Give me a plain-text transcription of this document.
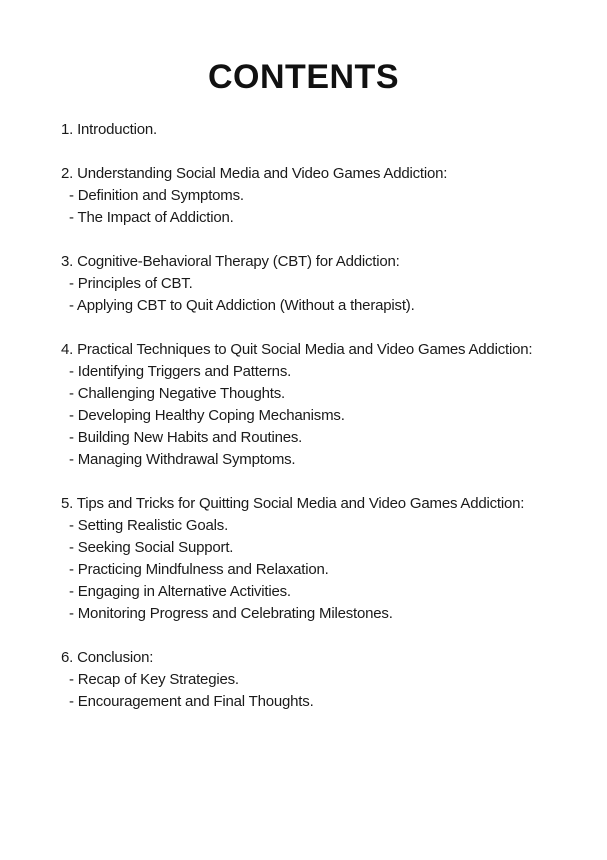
CONTENTS
1. Introduction.
2. Understanding Social Media and Video Games Addiction:
- Definition and Symptoms.
- The Impact of Addiction.
3. Cognitive-Behavioral Therapy (CBT) for Addiction:
- Principles of CBT.
- Applying CBT to Quit Addiction (Without a therapist).
4. Practical Techniques to Quit Social Media and Video Games Addiction:
- Identifying Triggers and Patterns.
- Challenging Negative Thoughts.
- Developing Healthy Coping Mechanisms.
- Building New Habits and Routines.
- Managing Withdrawal Symptoms.
5. Tips and Tricks for Quitting Social Media and Video Games Addiction:
- Setting Realistic Goals.
- Seeking Social Support.
- Practicing Mindfulness and Relaxation.
- Engaging in Alternative Activities.
- Monitoring Progress and Celebrating Milestones.
6. Conclusion:
- Recap of Key Strategies.
- Encouragement and Final Thoughts.
